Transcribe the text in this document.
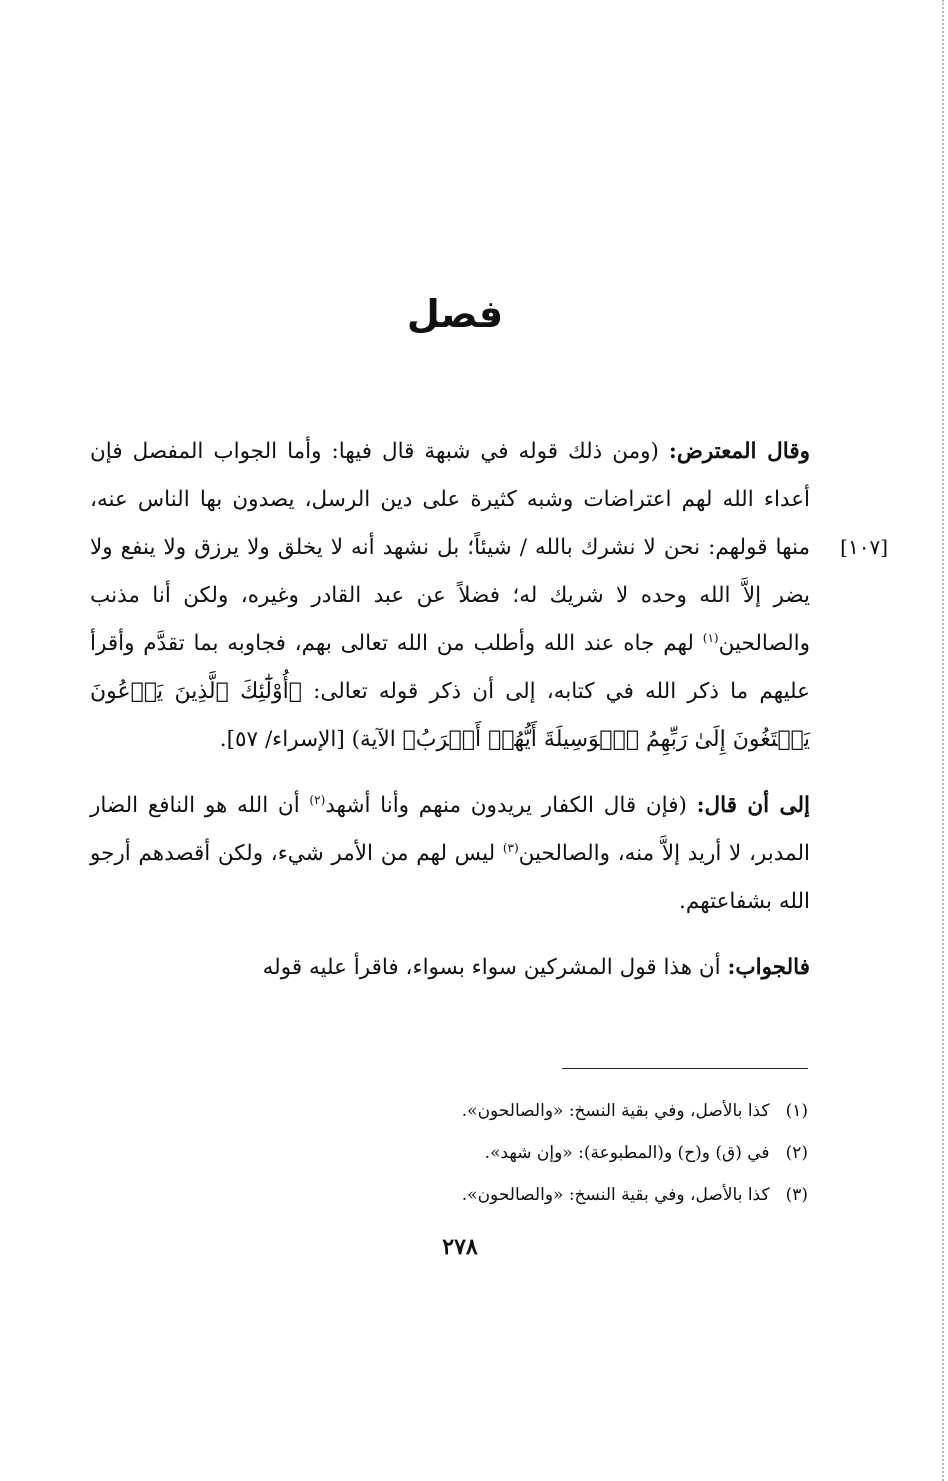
فصل
[١٠٧]

وقال المعترض: (ومن ذلك قوله في شبهة قال فيها: وأما الجواب المفصل فإن أعداء الله لهم اعتراضات وشبه كثيرة على دين الرسل، يصدون بها الناس عنه، منها قولهم: نحن لا نشرك بالله / شيئاً؛ بل نشهد أنه لا يخلق ولا يرزق ولا ينفع ولا يضر إلاَّ الله وحده لا شريك له؛ فضلاً عن عبد القادر وغيره، ولكن أنا مذنب والصالحين$^{(١)}$ لهم جاه عند الله وأطلب من الله تعالى بهم، فجاوبه بما تقدَّم وأقرأ عليهم ما ذكر الله في كتابه، إلى أن ذكر قوله تعالى: ﴿أُوْلَٰٓئِكَ ٱلَّذِينَ يَدۡعُونَ يَبۡتَغُونَ إِلَىٰ رَبِّهِمُ ٱلۡوَسِيلَةَ أَيُّهُمۡ أَقۡرَبُ﴾ الآية) [الإسراء/ ٥٧].

إلى أن قال: (فإن قال الكفار يريدون منهم وأنا أشهد$^{(٢)}$ أن الله هو النافع الضار المدبر، لا أريد إلاَّ منه، والصالحين$^{(٣)}$ ليس لهم من الأمر شيء، ولكن أقصدهم أرجو الله بشفاعتهم.

فالجواب: أن هذا قول المشركين سواء بسواء، فاقرأ عليه قوله

(١)كذا بالأصل، وفي بقية النسخ: «والصالحون».
(٢)في (ق) و(ح) و(المطبوعة): «وإن شهد».
(٣)كذا بالأصل، وفي بقية النسخ: «والصالحون».
٢٧٨
